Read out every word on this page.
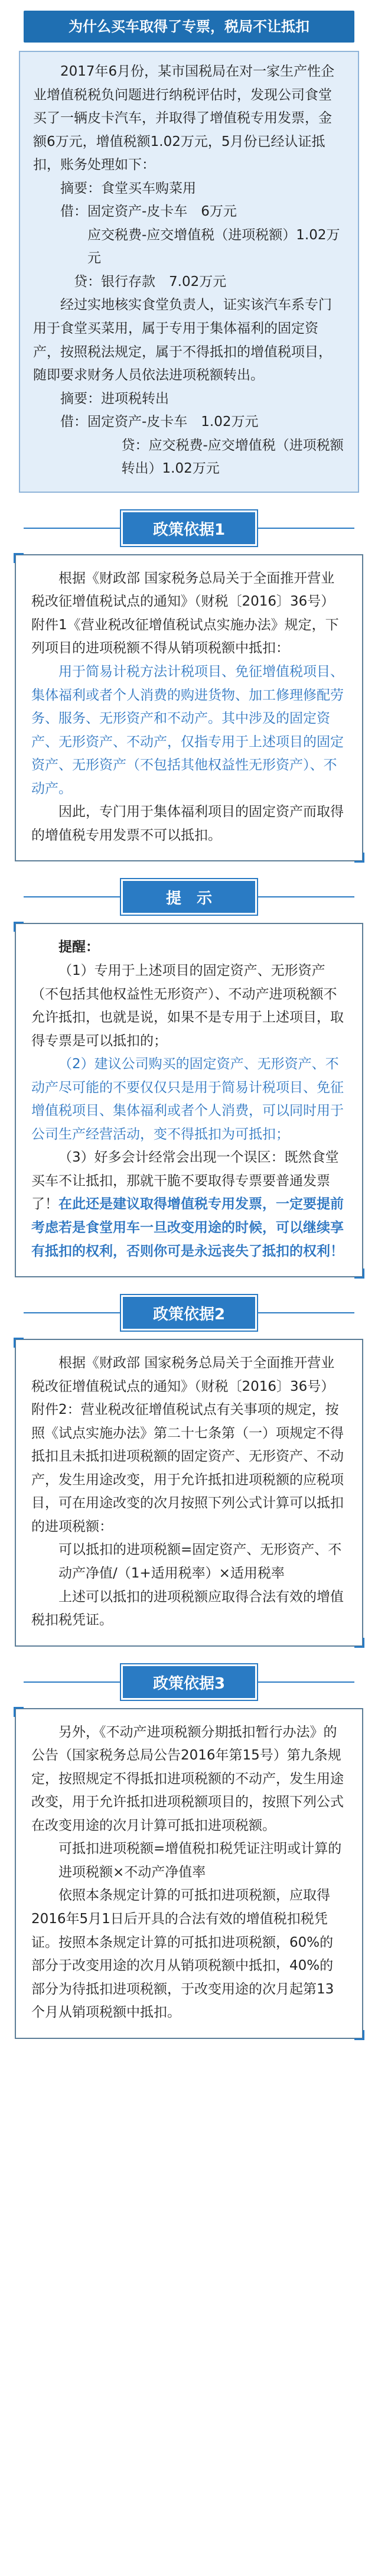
为什么买车取得了专票，税局不让抵扣

2017年6月份，某市国税局在对一家生产性企业增值税税负问题进行纳税评估时，发现公司食堂买了一辆皮卡汽车，并取得了增值税专用发票，金额6万元，增值税额1.02万元，5月份已经认证抵扣，账务处理如下：

摘要：食堂买车购菜用

借：固定资产-皮卡车　6万元

应交税费-应交增值税（进项税额）1.02万元

贷：银行存款　7.02万元

经过实地核实食堂负责人，证实该汽车系专门用于食堂买菜用，属于专用于集体福利的固定资产，按照税法规定，属于不得抵扣的增值税项目，随即要求财务人员依法进项税额转出。

摘要：进项税转出

借：固定资产-皮卡车　1.02万元

贷：应交税费-应交增值税（进项税额转出）1.02万元

政策依据1

根据《财政部 国家税务总局关于全面推开营业税改征增值税试点的通知》（财税〔2016〕36号）附件1《营业税改征增值税试点实施办法》规定，下列项目的进项税额不得从销项税额中抵扣：

用于简易计税方法计税项目、免征增值税项目、集体福利或者个人消费的购进货物、加工修理修配劳务、服务、无形资产和不动产。其中涉及的固定资产、无形资产、不动产，仅指专用于上述项目的固定资产、无形资产（不包括其他权益性无形资产）、不动产。

因此，专门用于集体福利项目的固定资产而取得的增值税专用发票不可以抵扣。

提　示

提醒：

（1）专用于上述项目的固定资产、无形资产（不包括其他权益性无形资产）、不动产进项税额不允许抵扣，也就是说，如果不是专用于上述项目，取得专票是可以抵扣的；

（2）建议公司购买的固定资产、无形资产、不动产尽可能的不要仅仅只是用于简易计税项目、免征增值税项目、集体福利或者个人消费，可以同时用于公司生产经营活动，变不得抵扣为可抵扣；

（3）好多会计经常会出现一个误区：既然食堂买车不让抵扣，那就干脆不要取得专票要普通发票了！在此还是建议取得增值税专用发票，一定要提前考虑若是食堂用车一旦改变用途的时候，可以继续享有抵扣的权利，否则你可是永远丧失了抵扣的权利！

政策依据2

根据《财政部 国家税务总局关于全面推开营业税改征增值税试点的通知》（财税〔2016〕36号）附件2：营业税改征增值税试点有关事项的规定，按照《试点实施办法》第二十七条第（一）项规定不得抵扣且未抵扣进项税额的固定资产、无形资产、不动产，发生用途改变，用于允许抵扣进项税额的应税项目，可在用途改变的次月按照下列公式计算可以抵扣的进项税额：

可以抵扣的进项税额=固定资产、无形资产、不动产净值/（1+适用税率）×适用税率

上述可以抵扣的进项税额应取得合法有效的增值税扣税凭证。

政策依据3

另外，《不动产进项税额分期抵扣暂行办法》的公告（国家税务总局公告2016年第15号）第九条规定，按照规定不得抵扣进项税额的不动产，发生用途改变，用于允许抵扣进项税额项目的，按照下列公式在改变用途的次月计算可抵扣进项税额。

可抵扣进项税额=增值税扣税凭证注明或计算的进项税额×不动产净值率

依照本条规定计算的可抵扣进项税额，应取得2016年5月1日后开具的合法有效的增值税扣税凭证。按照本条规定计算的可抵扣进项税额，60%的部分于改变用途的次月从销项税额中抵扣，40%的部分为待抵扣进项税额，于改变用途的次月起第13个月从销项税额中抵扣。
